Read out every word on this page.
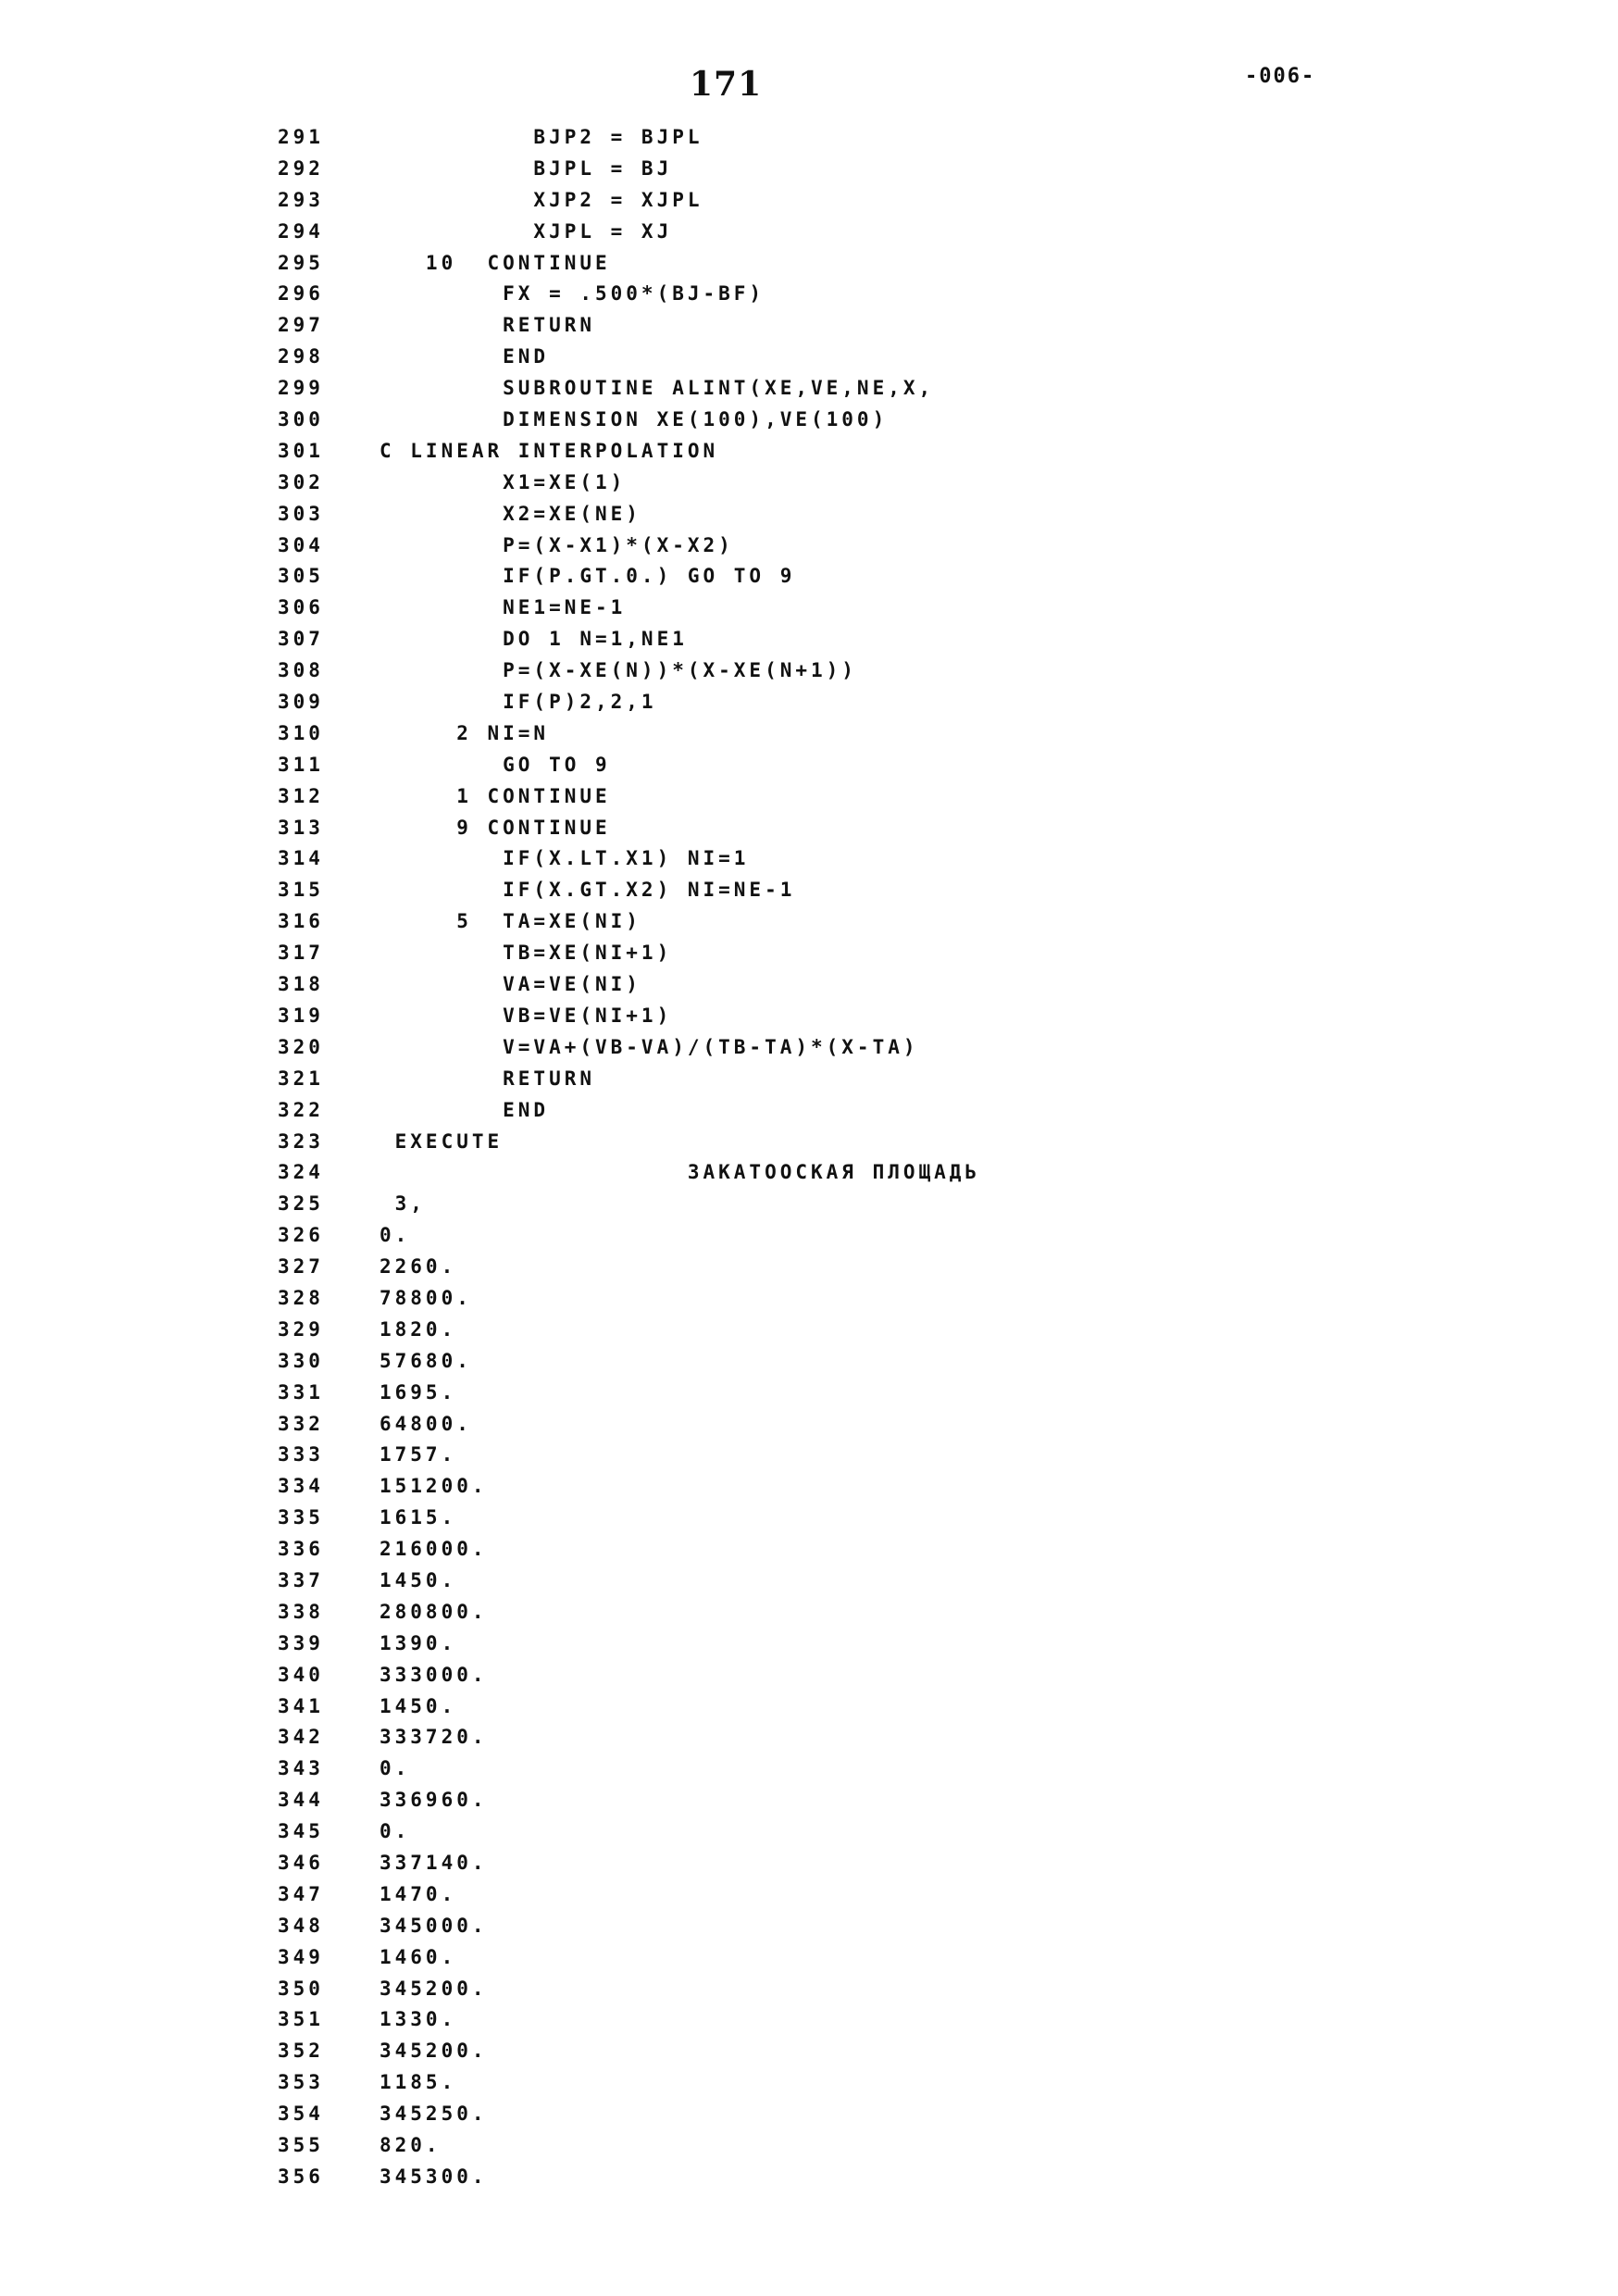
171	-006-
291	BJP2 = BJPL
292	BJPL = BJ
293	XJP2 = XJPL
294	XJPL = XJ
295	10  CONTINUE
296	FX = .500*(BJ-BF)
297	RETURN
298	END
299	SUBROUTINE ALINT(XE,VE,NE,X,
300	DIMENSION XE(100),VE(100)
301	C LINEAR INTERPOLATION
302	X1=XE(1)
303	X2=XE(NE)
304	P=(X-X1)*(X-X2)
305	IF(P.GT.0.) GO TO 9
306	NE1=NE-1
307	DO 1 N=1,NE1
308	P=(X-XE(N))*(X-XE(N+1))
309	IF(P)2,2,1
310	2 NI=N
311	GO TO 9
312	1 CONTINUE
313	9 CONTINUE
314	IF(X.LT.X1) NI=1
315	IF(X.GT.X2) NI=NE-1
316	5  TA=XE(NI)
317	TB=XE(NI+1)
318	VA=VE(NI)
319	VB=VE(NI+1)
320	V=VA+(VB-VA)/(TB-TA)*(X-TA)
321	RETURN
322	END
323	EXECUTE
324	ЗАКАТООСКАЯ ПЛОЩАДЬ
325	3,
326	0.
327	2260.
328	78800.
329	1820.
330	57680.
331	1695.
332	64800.
333	1757.
334	151200.
335	1615.
336	216000.
337	1450.
338	280800.
339	1390.
340	333000.
341	1450.
342	333720.
343	0.
344	336960.
345	0.
346	337140.
347	1470.
348	345000.
349	1460.
350	345200.
351	1330.
352	345200.
353	1185.
354	345250.
355	820.
356	345300.
